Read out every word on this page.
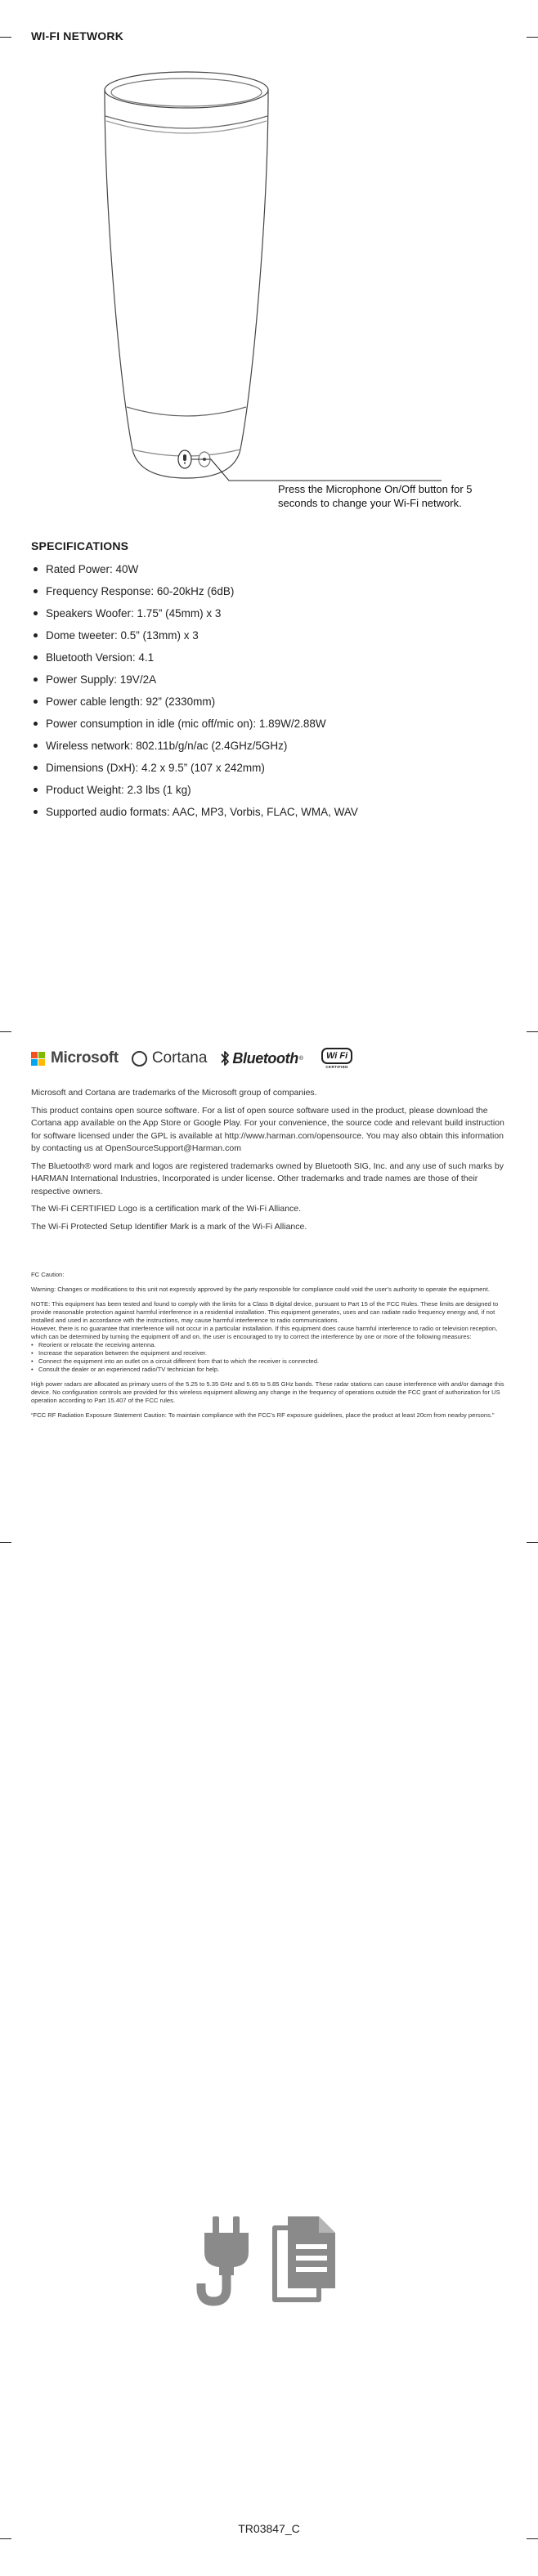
WI-FI NETWORK
Press the Microphone On/Off button for 5 seconds to change your Wi-Fi network.
SPECIFICATIONS
Rated Power: 40W
Frequency Response: 60-20kHz (6dB)
Speakers Woofer: 1.75” (45mm) x 3
Dome tweeter: 0.5” (13mm) x 3
Bluetooth Version: 4.1
Power Supply: 19V/2A
Power cable length: 92” (2330mm)
Power consumption in idle (mic off/mic on): 1.89W/2.88W
Wireless network: 802.11b/g/n/ac (2.4GHz/5GHz)
Dimensions (DxH): 4.2 x 9.5” (107 x 242mm)
Product Weight: 2.3 lbs (1 kg)
Supported audio formats: AAC, MP3, Vorbis, FLAC, WMA, WAV
Microsoft Cortana Bluetooth ®	Wi Fi
CERTIFIED

Microsoft and Cortana are trademarks of the Microsoft group of companies.

This product contains open source software. For a list of open source software used in the product, please download the Cortana app available on the App Store or Google Play. For your convenience, the source code and relevant build instruction for software licensed under the GPL is available at http://www.harman.com/opensource. You may also obtain this information by contacting us at OpenSourceSupport@Harman.com

The Bluetooth® word mark and logos are registered trademarks owned by Bluetooth SIG, Inc. and any use of such marks by HARMAN International Industries, Incorporated is under license. Other trademarks and trade names are those of their respective owners.

The Wi-Fi CERTIFIED Logo is a certification mark of the Wi-Fi Alliance.

The Wi-Fi Protected Setup Identifier Mark is a mark of the Wi-Fi Alliance.

FC Caution:

Warning: Changes or modifications to this unit not expressly approved by the party responsible for compliance could void the user’s authority to operate the equipment.

NOTE: This equipment has been tested and found to comply with the limits for a Class B digital device, pursuant to Part 15 of the FCC Rules. These limits are designed to provide reasonable protection against harmful interference in a residential installation. This equipment generates, uses and can radiate radio frequency energy and, if not installed and used in accordance with the instructions, may cause harmful interference to radio communications.

However, there is no guarantee that interference will not occur in a particular installation. If this equipment does cause harmful interference to radio or television reception, which can be determined by turning the equipment off and on, the user is encouraged to try to correct the interference by one or more of the following measures:

• Reorient or relocate the receiving antenna.
• Increase the separation between the equipment and receiver.
• Connect the equipment into an outlet on a circuit different from that to which the receiver is connected.
• Consult the dealer or an experienced radio/TV technician for help.

High power radars are allocated as primary users of the 5.25 to 5.35 GHz and 5.65 to 5.85 GHz bands. These radar stations can cause interference with and/or damage this device. No configuration controls are provided for this wireless equipment allowing any change in the frequency of operations outside the FCC grant of authorization for US operation according to Part 15.407 of the FCC rules.

“FCC RF Radiation Exposure Statement Caution: To maintain compliance with the FCC’s RF exposure guidelines, place the product at least 20cm from nearby persons.”

TR03847_C
